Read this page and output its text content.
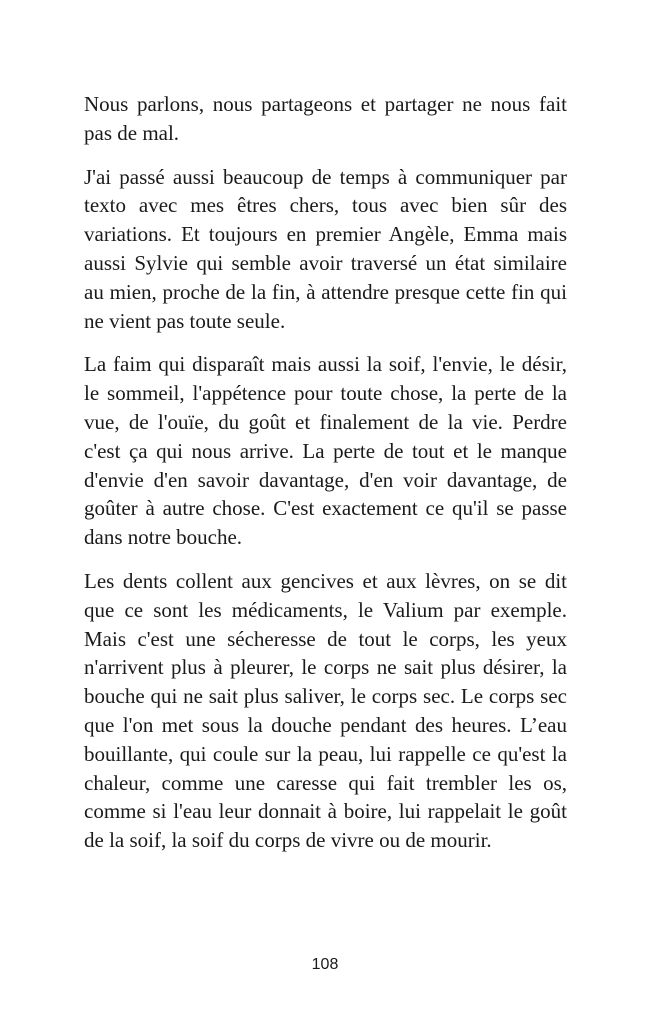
Nous parlons, nous partageons et partager ne nous fait pas de mal.

J'ai passé aussi beaucoup de temps à communiquer par texto avec mes êtres chers, tous avec bien sûr des variations. Et toujours en premier Angèle, Emma mais aussi Sylvie qui semble avoir traversé un état similaire au mien, proche de la fin, à attendre presque cette fin qui ne vient pas toute seule.

La faim qui disparaît mais aussi la soif, l'envie, le désir, le sommeil, l'appétence pour toute chose, la perte de la vue, de l'ouïe, du goût et finalement de la vie. Perdre c'est ça qui nous arrive. La perte de tout et le manque d'envie d'en savoir davantage, d'en voir davantage, de goûter à autre chose. C'est exactement ce qu'il se passe dans notre bouche.

Les dents collent aux gencives et aux lèvres, on se dit que ce sont les médicaments, le Valium par exemple. Mais c'est une sécheresse de tout le corps, les yeux n'arrivent plus à pleurer, le corps ne sait plus désirer, la bouche qui ne sait plus saliver, le corps sec. Le corps sec que l'on met sous la douche pendant des heures. L’eau bouillante, qui coule sur la peau, lui rappelle ce qu'est la chaleur, comme une caresse qui fait trembler les os, comme si l'eau leur donnait à boire, lui rappelait le goût de la soif, la soif du corps de vivre ou de mourir.

108
